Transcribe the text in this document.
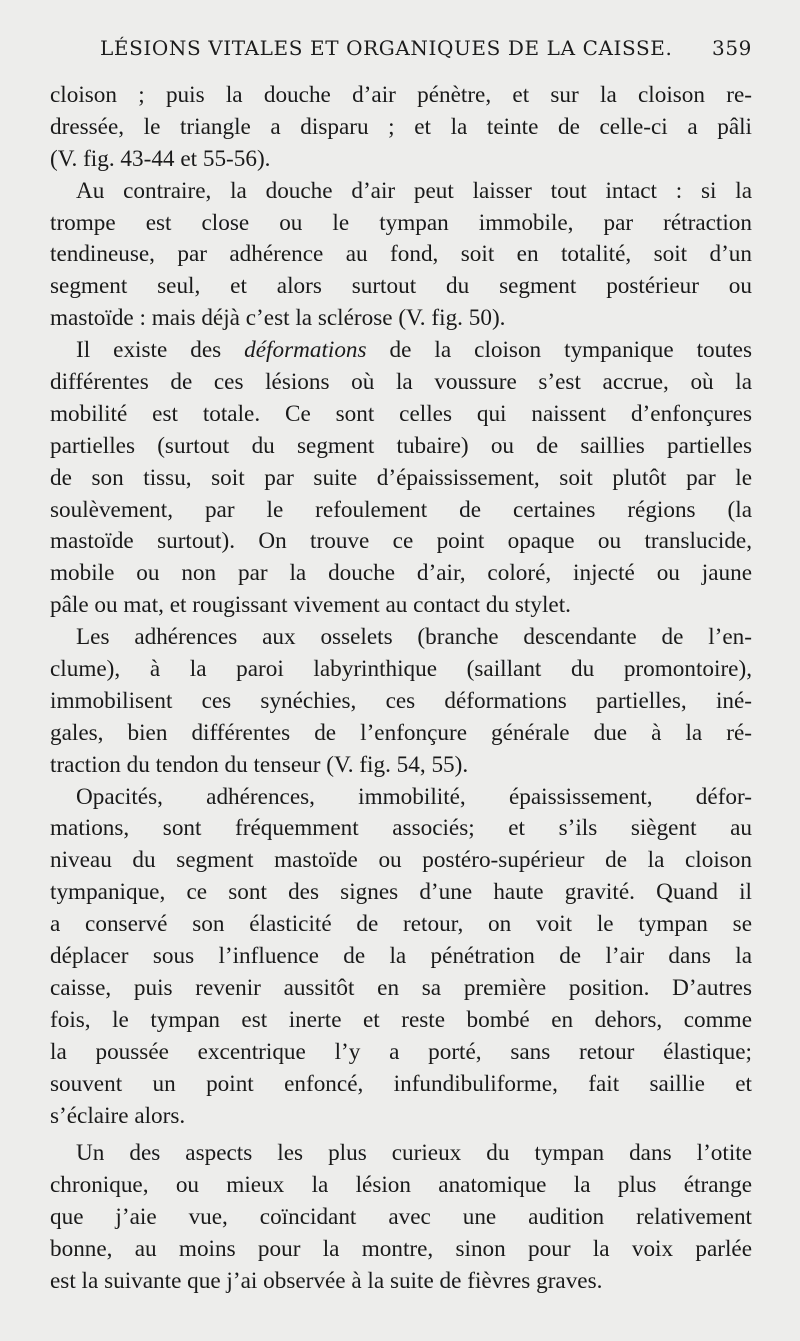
LÉSIONS VITALES ET ORGANIQUES DE LA CAISSE. 359
cloison ; puis la douche d’air pénètre, et sur la cloison re-
dressée, le triangle a disparu ; et la teinte de celle-ci a pâli
(V. fig. 43-44 et 55-56).
Au contraire, la douche d’air peut laisser tout intact : si la
trompe est close ou le tympan immobile, par rétraction
tendineuse, par adhérence au fond, soit en totalité, soit d’un
segment seul, et alors surtout du segment postérieur ou
mastoïde : mais déjà c’est la sclérose (V. fig. 50).
Il existe des déformations de la cloison tympanique toutes
différentes de ces lésions où la voussure s’est accrue, où la
mobilité est totale. Ce sont celles qui naissent d’enfonçures
partielles (surtout du segment tubaire) ou de saillies partielles
de son tissu, soit par suite d’épaississement, soit plutôt par le
soulèvement, par le refoulement de certaines régions (la
mastoïde surtout). On trouve ce point opaque ou translucide,
mobile ou non par la douche d’air, coloré, injecté ou jaune
pâle ou mat, et rougissant vivement au contact du stylet.
Les adhérences aux osselets (branche descendante de l’en-
clume), à la paroi labyrinthique (saillant du promontoire),
immobilisent ces synéchies, ces déformations partielles, iné-
gales, bien différentes de l’enfonçure générale due à la ré-
traction du tendon du tenseur (V. fig. 54, 55).
Opacités, adhérences, immobilité, épaississement, défor-
mations, sont fréquemment associés; et s’ils siègent au
niveau du segment mastoïde ou postéro-supérieur de la cloison
tympanique, ce sont des signes d’une haute gravité. Quand il
a conservé son élasticité de retour, on voit le tympan se
déplacer sous l’influence de la pénétration de l’air dans la
caisse, puis revenir aussitôt en sa première position. D’autres
fois, le tympan est inerte et reste bombé en dehors, comme
la poussée excentrique l’y a porté, sans retour élastique;
souvent un point enfoncé, infundibuliforme, fait saillie et
s’éclaire alors.
Un des aspects les plus curieux du tympan dans l’otite
chronique, ou mieux la lésion anatomique la plus étrange
que j’aie vue, coïncidant avec une audition relativement
bonne, au moins pour la montre, sinon pour la voix parlée
est la suivante que j’ai observée à la suite de fièvres graves.
